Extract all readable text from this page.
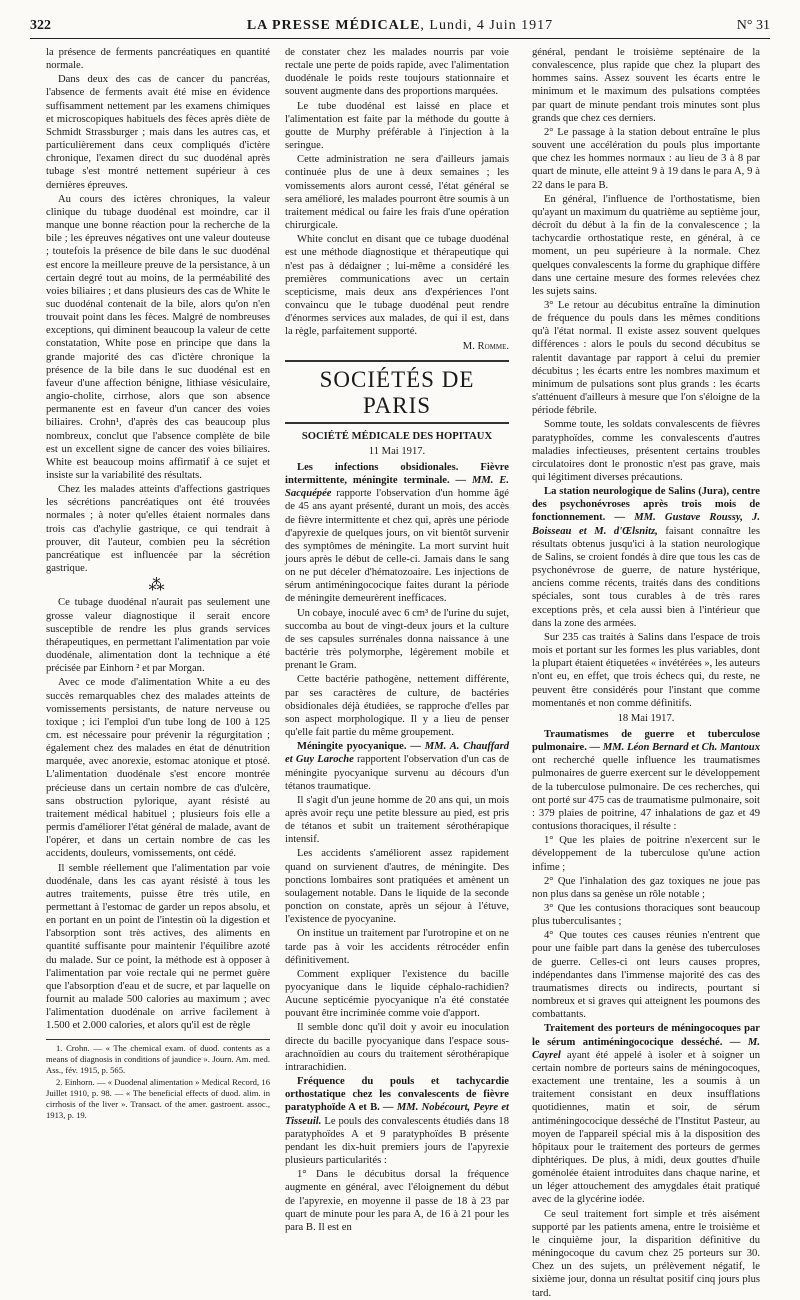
322	LA PRESSE MÉDICALE, Lundi, 4 Juin 1917	N° 31

la présence de ferments pancréatiques en quantité normale.

Dans deux des cas de cancer du pancréas, l'absence de ferments avait été mise en évidence suffisamment nettement par les examens chimiques et microscopiques habituels des fèces après diète de Schmidt Strassburger ; mais dans les autres cas, et particulièrement dans ceux compliqués d'ictère chronique, l'examen direct du suc duodénal après tubage s'est montré nettement supérieur à ces dernières épreuves.

Au cours des ictères chroniques, la valeur clinique du tubage duodénal est moindre, car il manque une bonne réaction pour la recherche de la bile ; les épreuves négatives ont une valeur douteuse ; toutefois la présence de bile dans le suc duodénal est encore la meilleure preuve de la persistance, à un certain degré tout au moins, de la perméabilité des voies biliaires ; et dans plusieurs des cas de White le suc duodénal contenait de la bile, alors qu'on n'en trouvait point dans les fèces. Malgré de nombreuses exceptions, qui diminent beaucoup la valeur de cette constatation, White pose en principe que dans la grande majorité des cas d'ictère chronique la présence de la bile dans le suc duodénal est en faveur d'une affection bénigne, lithiase vésiculaire, angio-cholite, cirrhose, alors que son absence permanente est en faveur d'un cancer des voies biliaires. Crohn¹, d'après des cas beaucoup plus nombreux, conclut que l'absence complète de bile est un excellent signe de cancer des voies biliaires. White est beaucoup moins affirmatif à ce sujet et insiste sur la variabilité des résultats.

Chez les malades atteints d'affections gastriques les sécrétions pancréatiques ont été trouvées normales ; à noter qu'elles étaient normales dans trois cas d'achylie gastrique, ce qui tendrait à prouver, dit l'auteur, combien peu la sécrétion pancréatique est influencée par la sécrétion gastrique.

⁂

Ce tubage duodénal n'aurait pas seulement une grosse valeur diagnostique il serait encore susceptible de rendre les plus grands services thérapeutiques, en permettant l'alimentation par voie duodénale, alimentation dont la technique a été précisée par Einhorn ² et par Morgan.

Avec ce mode d'alimentation White a eu des succès remarquables chez des malades atteints de vomissements persistants, de nature nerveuse ou toxique ; ici l'emploi d'un tube long de 100 à 125 cm. est nécessaire pour prévenir la régurgitation ; également chez des malades en état de dénutrition marquée, avec anorexie, estomac atonique et ptosé. L'alimentation duodénale s'est encore montrée précieuse dans un certain nombre de cas d'ulcère, sans obstruction pylorique, ayant résisté au traitement médical habituel ; plusieurs fois elle a permis d'améliorer l'état général de malade, avant de l'opérer, et dans un certain nombre de cas les accidents, douleurs, vomissements, ont cédé.

Il semble réellement que l'alimentation par voie duodénale, dans les cas ayant résisté à tous les autres traitements, puisse être très utile, en permettant à l'estomac de garder un repos absolu, et en portant en un point de l'intestin où la digestion et l'absorption sont très actives, des aliments en quantité suffisante pour maintenir l'équilibre azoté du malade. Sur ce point, la méthode est à opposer à l'alimentation par voie rectale qui ne permet guère que l'absorption d'eau et de sucre, et par laquelle on fournit au malade 500 calories au maximum ; avec l'alimentation duodénale on arrive facilement à 1.500 et 2.000 calories, et alors qu'il est de règle

1. Crohn. — « The chemical exam. of duod. contents as a means of diagnosis in conditions of jaundice ». Journ. Am. med. Ass., fév. 1915, p. 565.

2. Einhorn. — « Duodenal alimentation » Medical Record, 16 Juillet 1910, p. 98. — « The beneficial effects of duod. alim. in cirrhosis of the liver ». Transact. of the amer. gastroent. assoc., 1913, p. 19.

de constater chez les malades nourris par voie rectale une perte de poids rapide, avec l'alimentation duodénale le poids reste toujours stationnaire et souvent augmente dans des proportions marquées.

Le tube duodénal est laissé en place et l'alimentation est faite par la méthode du goutte à goutte de Murphy préférable à l'injection à la seringue.

Cette administration ne sera d'ailleurs jamais continuée plus de une à deux semaines ; les vomissements alors auront cessé, l'état général se sera amélioré, les malades pourront être soumis à un traitement médical ou faire les frais d'une opération chirurgicale.

White conclut en disant que ce tubage duodénal est une méthode diagnostique et thérapeutique qui n'est pas à dédaigner ; lui-même a considéré les premières communications avec un certain scepticisme, mais deux ans d'expériences l'ont convaincu que le tubage duodénal peut rendre d'énormes services aux malades, de qui il est, dans la règle, parfaitement supporté.

M. Romme.
SOCIÉTÉS DE PARIS
SOCIÉTÉ MÉDICALE DES HOPITAUX
11 Mai 1917.

Les infections obsidionales. Fièvre intermittente, méningite terminale. — MM. E. Sacquépée rapporte l'observation d'un homme âgé de 45 ans ayant présenté, durant un mois, des accès de fièvre intermittente et chez qui, après une période d'apyrexie de quelques jours, on vit bientôt survenir des symptômes de méningite. La mort survint huit jours après le début de celle-ci. Jamais dans le sang on ne put déceler d'hématozoaire. Les injections de sérum antiméningococique faites durant la période de méningite demeurèrent inefficaces.

Un cobaye, inoculé avec 6 cm³ de l'urine du sujet, succomba au bout de vingt-deux jours et la culture de ses capsules surrénales donna naissance à une bactérie très polymorphe, légèrement mobile et prenant le Gram.

Cette bactérie pathogène, nettement différente, par ses caractères de culture, de bactéries obsidionales déjà étudiées, se rapproche d'elles par son aspect morphologique. Il y a lieu de penser qu'elle fait partie du même groupement.

Méningite pyocyanique. — MM. A. Chauffard et Guy Laroche rapportent l'observation d'un cas de méningite pyocyanique survenu au décours d'un tétanos traumatique.

Il s'agit d'un jeune homme de 20 ans qui, un mois après avoir reçu une petite blessure au pied, est pris de tétanos et subit un traitement sérothérapique intensif.

Les accidents s'améliorent assez rapidement quand on survienent d'autres, de méningite. Des ponctions lombaires sont pratiquées et amènent un soulagement notable. Dans le liquide de la seconde ponction on constate, après un séjour à l'étuve, l'existence de pyocyanine.

On institue un traitement par l'urotropine et on ne tarde pas à voir les accidents rétrocéder enfin définitivement.

Comment expliquer l'existence du bacille pyocyanique dans le liquide céphalo-rachidien? Aucune septicémie pyocyanique n'a été constatée pouvant être incriminée comme voie d'apport.

Il semble donc qu'il doit y avoir eu inoculation directe du bacille pyocyanique dans l'espace sous-arachnoïdien au cours du traitement sérothérapique intrarachidien.

Fréquence du pouls et tachycardie orthostatique chez les convalescents de fièvre paratyphoïde A et B. — MM. Nobécourt, Peyre et Tisseuil. Le pouls des convalescents étudiés dans 18 paratyphoïdes A et 9 paratyphoïdes B présente pendant les dix-huit premiers jours de l'apyrexie plusieurs particularités :

1° Dans le décubitus dorsal la fréquence augmente en général, avec l'éloignement du début de l'apyrexie, en moyenne il passe de 18 à 23 par quart de minute pour les para A, de 16 à 21 pour les para B. Il est en

général, pendant le troisième septénaire de la convalescence, plus rapide que chez la plupart des hommes sains. Assez souvent les écarts entre le minimum et le maximum des pulsations comptées par quart de minute pendant trois minutes sont plus grands que chez ces derniers.

2° Le passage à la station debout entraîne le plus souvent une accélération du pouls plus importante que chez les hommes normaux : au lieu de 3 à 8 par quart de minute, elle atteint 9 à 19 dans le para A, 9 à 22 dans le para B.

En général, l'influence de l'orthostatisme, bien qu'ayant un maximum du quatrième au septième jour, décroît du début à la fin de la convalescence ; la tachycardie orthostatique reste, en général, à ce moment, un peu supérieure à la normale. Chez quelques convalescents la forme du graphique diffère dans une certaine mesure des formes relevées chez les sujets sains.

3° Le retour au décubitus entraîne la diminution de fréquence du pouls dans les mêmes conditions qu'à l'état normal. Il existe assez souvent quelques différences : alors le pouls du second décubitus se ralentit davantage par rapport à celui du premier décubitus ; les écarts entre les nombres maximum et minimum de pulsations sont plus grands : les écarts s'atténuent d'ailleurs à mesure que l'on s'éloigne de la période fébrile.

Somme toute, les soldats convalescents de fièvres paratyphoïdes, comme les convalescents d'autres maladies infectieuses, présentent certains troubles circulatoires dont le pronostic n'est pas grave, mais qui légitiment diverses précautions.

La station neurologique de Salins (Jura), centre des psychonévroses après trois mois de fonctionnement. — MM. Gustave Roussy, J. Boisseau et M. d'Œlsnitz, faisant connaître les résultats obtenus jusqu'ici à la station neurologique de Salins, se croient fondés à dire que tous les cas de psychonévrose de guerre, de nature hystérique, anciens comme récents, traités dans des conditions spéciales, sont tous curables à de très rares exceptions près, et cela aussi bien à l'intérieur que dans la zone des armées.

Sur 235 cas traités à Salins dans l'espace de trois mois et portant sur les formes les plus variables, dont la plupart étaient étiquetées « invétérées », les auteurs n'ont eu, en effet, que trois échecs qui, du reste, ne peuvent être considérés pour l'instant que comme momentanés et non comme définitifs.

18 Mai 1917.

Traumatismes de guerre et tuberculose pulmonaire. — MM. Léon Bernard et Ch. Mantoux ont recherché quelle influence les traumatismes pulmonaires de guerre exercent sur le développement de la tuberculose pulmonaire. De ces recherches, qui ont porté sur 475 cas de traumatisme pulmonaire, soit : 379 plaies de poitrine, 47 inhalations de gaz et 49 contusions thoraciques, il résulte :

1° Que les plaies de poitrine n'exercent sur le développement de la tuberculose qu'une action infime ;

2° Que l'inhalation des gaz toxiques ne joue pas non plus dans sa genèse un rôle notable ;

3° Que les contusions thoraciques sont beaucoup plus tuberculisantes ;

4° Que toutes ces causes réunies n'entrent que pour une faible part dans la genèse des tuberculoses de guerre. Celles-ci ont leurs causes propres, indépendantes dans l'immense majorité des cas des traumatismes directs ou indirects, pourtant si nombreux et si graves qui atteignent les poumons des combattants.

Traitement des porteurs de méningocoques par le sérum antiméningococique desséché. — M. Cayrel ayant été appelé à isoler et à soigner un certain nombre de porteurs sains de méningocoques, exactement une trentaine, les a soumis à un traitement consistant en deux insufflations quotidiennes, matin et soir, de sérum antiméningococique desséché de l'Institut Pasteur, au moyen de l'appareil spécial mis à la disposition des hôpitaux pour le traitement des porteurs de germes diphtériques. De plus, à midi, deux gouttes d'huile goménolée étaient introduites dans chaque narine, et un léger attouchement des amygdales était pratiqué avec de la glycérine iodée.

Ce seul traitement fort simple et très aisément supporté par les patients amena, entre le troisième et le cinquième jour, la disparition définitive du méningocoque du cavum chez 25 porteurs sur 30. Chez un des sujets, un prélèvement négatif, le sixième jour, donna un résultat positif cinq jours plus tard.
